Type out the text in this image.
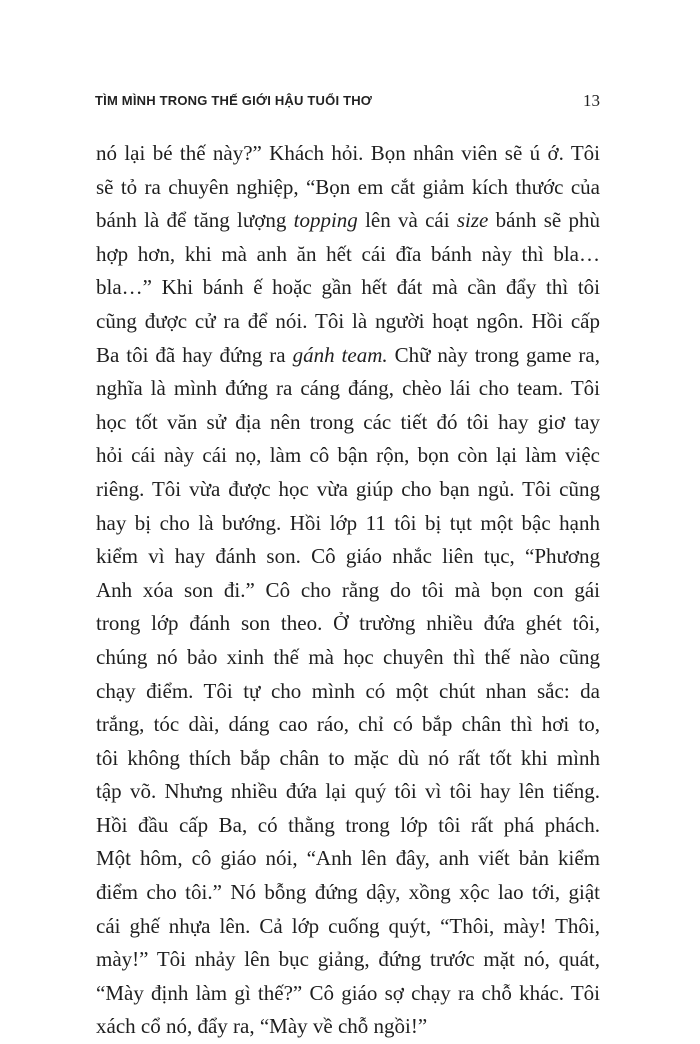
TÌM MÌNH TRONG THẾ GIỚI HẬU TUỔI THƠ	13
nó lại bé thế này?” Khách hỏi. Bọn nhân viên sẽ ú ớ. Tôi
sẽ tỏ ra chuyên nghiệp, “Bọn em cắt giảm kích thước của
bánh là để tăng lượng topping lên và cái size bánh sẽ phù
hợp hơn, khi mà anh ăn hết cái đĩa bánh này thì bla…
bla…” Khi bánh ế hoặc gần hết đát mà cần đẩy thì tôi
cũng được cử ra để nói. Tôi là người hoạt ngôn. Hồi cấp
Ba tôi đã hay đứng ra gánh team. Chữ này trong game ra,
nghĩa là mình đứng ra cáng đáng, chèo lái cho team. Tôi
học tốt văn sử địa nên trong các tiết đó tôi hay giơ tay
hỏi cái này cái nọ, làm cô bận rộn, bọn còn lại làm việc
riêng. Tôi vừa được học vừa giúp cho bạn ngủ. Tôi cũng
hay bị cho là bướng. Hồi lớp 11 tôi bị tụt một bậc hạnh
kiểm vì hay đánh son. Cô giáo nhắc liên tục, “Phương
Anh xóa son đi.” Cô cho rằng do tôi mà bọn con gái
trong lớp đánh son theo. Ở trường nhiều đứa ghét tôi,
chúng nó bảo xinh thế mà học chuyên thì thế nào cũng
chạy điểm. Tôi tự cho mình có một chút nhan sắc: da
trắng, tóc dài, dáng cao ráo, chỉ có bắp chân thì hơi to,
tôi không thích bắp chân to mặc dù nó rất tốt khi mình
tập võ. Nhưng nhiều đứa lại quý tôi vì tôi hay lên tiếng.
Hồi đầu cấp Ba, có thằng trong lớp tôi rất phá phách.
Một hôm, cô giáo nói, “Anh lên đây, anh viết bản kiểm
điểm cho tôi.” Nó bỗng đứng dậy, xồng xộc lao tới, giật
cái ghế nhựa lên. Cả lớp cuống quýt, “Thôi, mày! Thôi,
mày!” Tôi nhảy lên bục giảng, đứng trước mặt nó, quát,
“Mày định làm gì thế?” Cô giáo sợ chạy ra chỗ khác. Tôi
xách cổ nó, đẩy ra, “Mày về chỗ ngồi!”
